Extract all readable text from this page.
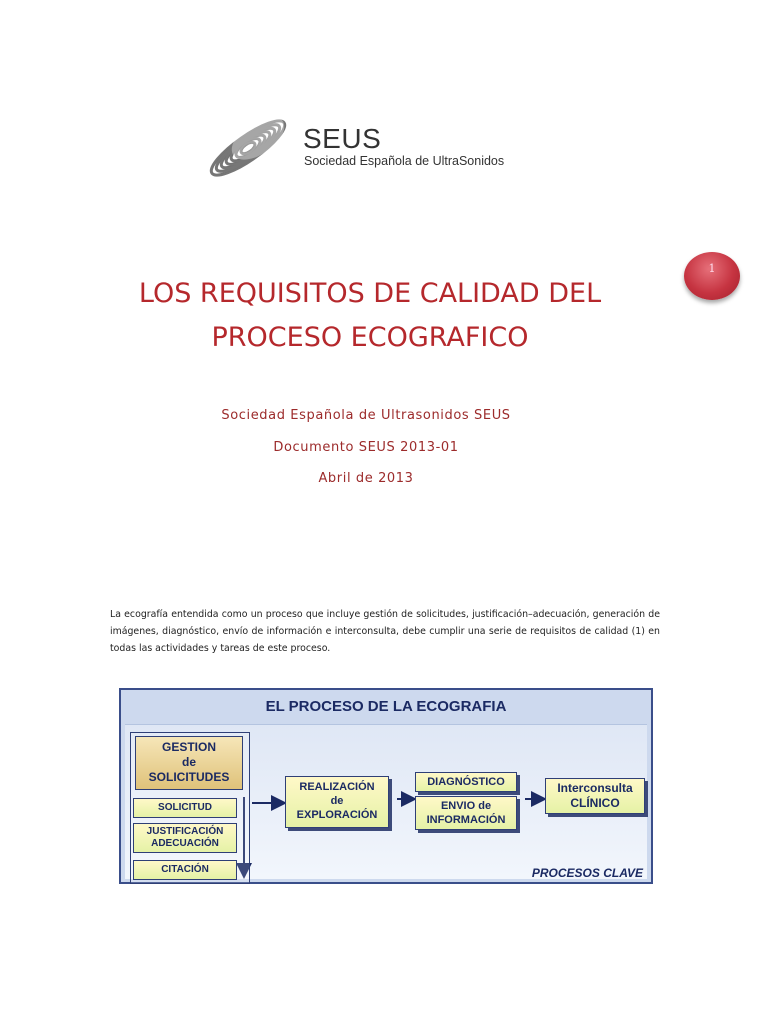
SEUS
Sociedad Española de UltraSonidos
1
LOS REQUISITOS DE CALIDAD DEL
PROCESO ECOGRAFICO
Sociedad Española de Ultrasonidos SEUS
Documento SEUS 2013-01
Abril de 2013
La ecografía entendida como un proceso que incluye gestión de solicitudes, justificación–adecuación, generación de imágenes, diagnóstico, envío de información e interconsulta, debe cumplir una serie de requisitos de calidad (1) en todas las actividades y tareas de este proceso.
EL PROCESO DE LA ECOGRAFIA
GESTION
de
SOLICITUDES
SOLICITUD
JUSTIFICACIÓN
ADECUACIÓN
CITACIÓN
REALIZACIÓN
de
EXPLORACIÓN
DIAGNÓSTICO
ENVIO de
INFORMACIÓN
Interconsulta
CLÍNICO
PROCESOS CLAVE
